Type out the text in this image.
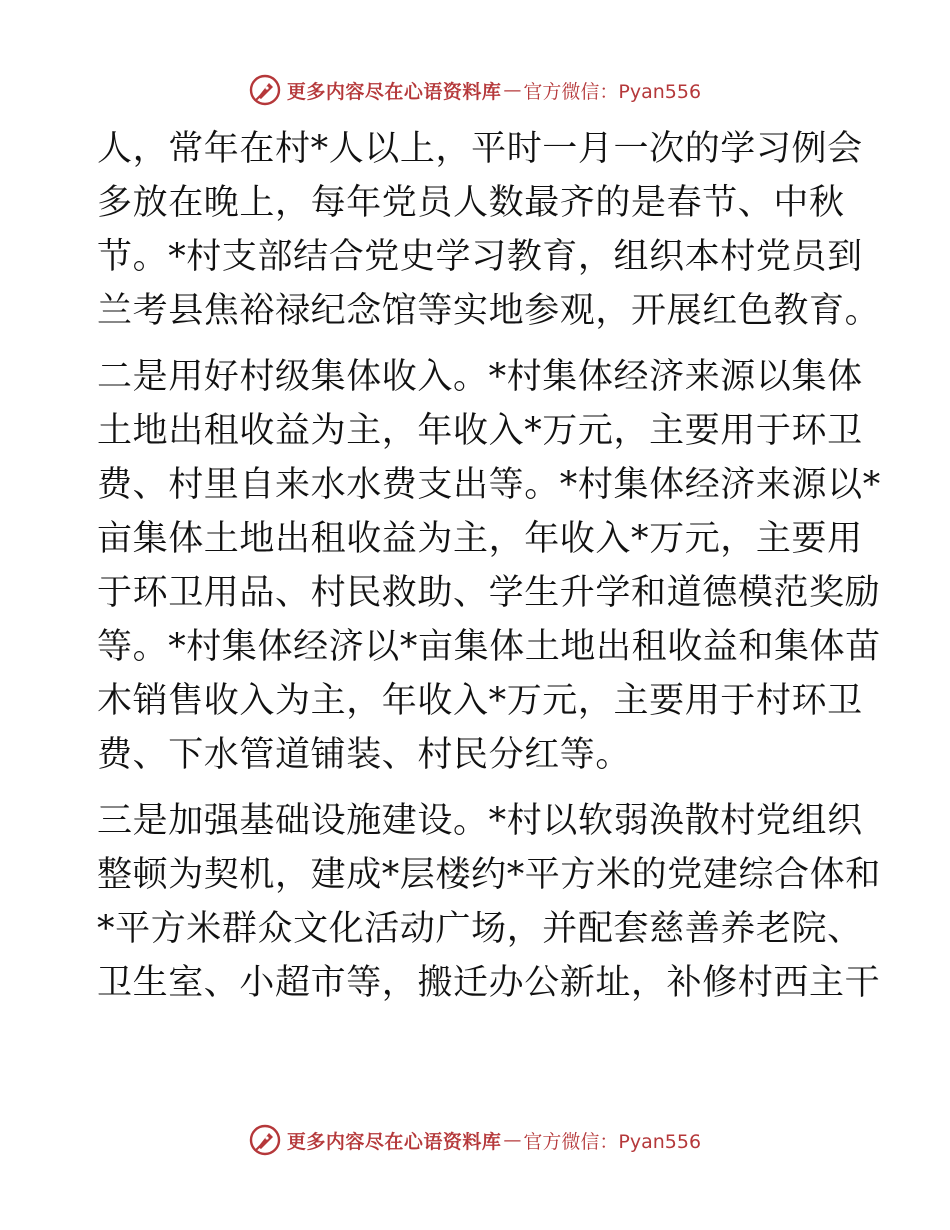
更多内容尽在心语资料库 — 官方微信：Pyan556
人，常年在村*人以上，平时一月一次的学习例会
多放在晚上，每年党员人数最齐的是春节、中秋
节。*村支部结合党史学习教育，组织本村党员到
兰考县焦裕禄纪念馆等实地参观，开展红色教育。
二是用好村级集体收入。*村集体经济来源以集体
土地出租收益为主，年收入*万元，主要用于环卫
费、村里自来水水费支出等。*村集体经济来源以*
亩集体土地出租收益为主，年收入*万元，主要用
于环卫用品、村民救助、学生升学和道德模范奖励
等。*村集体经济以*亩集体土地出租收益和集体苗
木销售收入为主，年收入*万元，主要用于村环卫
费、下水管道铺装、村民分红等。
三是加强基础设施建设。*村以软弱涣散村党组织
整顿为契机，建成*层楼约*平方米的党建综合体和
*平方米群众文化活动广场，并配套慈善养老院、
卫生室、小超市等，搬迁办公新址，补修村西主干
更多内容尽在心语资料库 — 官方微信：Pyan556
